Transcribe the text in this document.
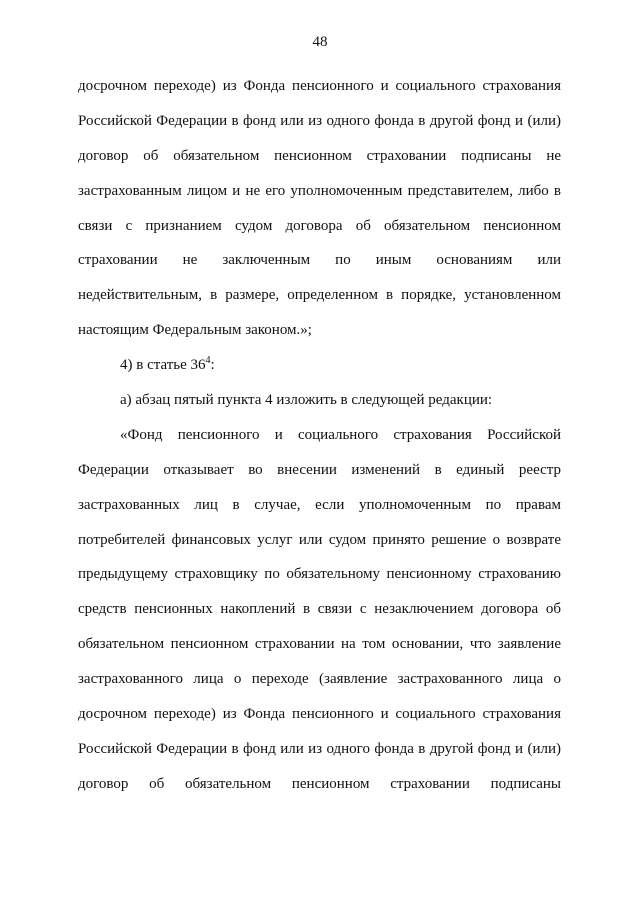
48
досрочном переходе) из Фонда пенсионного и социального страхования
Российской Федерации в фонд или из одного фонда в другой фонд и (или)
договор об обязательном пенсионном страховании подписаны не
застрахованным лицом и не его уполномоченным представителем, либо в
связи с признанием судом договора об обязательном пенсионном
страховании не заключенным по иным основаниям или
недействительным, в размере, определенном в порядке, установленном
настоящим Федеральным законом.»;
4) в статье $36^4$:
а) абзац пятый пункта 4 изложить в следующей редакции:
«Фонд пенсионного и социального страхования Российской
Федерации отказывает во внесении изменений в единый реестр
застрахованных лиц в случае, если уполномоченным по правам
потребителей финансовых услуг или судом принято решение о возврате
предыдущему страховщику по обязательному пенсионному страхованию
средств пенсионных накоплений в связи с незаключением договора об
обязательном пенсионном страховании на том основании, что заявление
застрахованного лица о переходе (заявление застрахованного лица о
досрочном переходе) из Фонда пенсионного и социального страхования
Российской Федерации в фонд или из одного фонда в другой фонд и (или)
договор об обязательном пенсионном страховании подписаны
